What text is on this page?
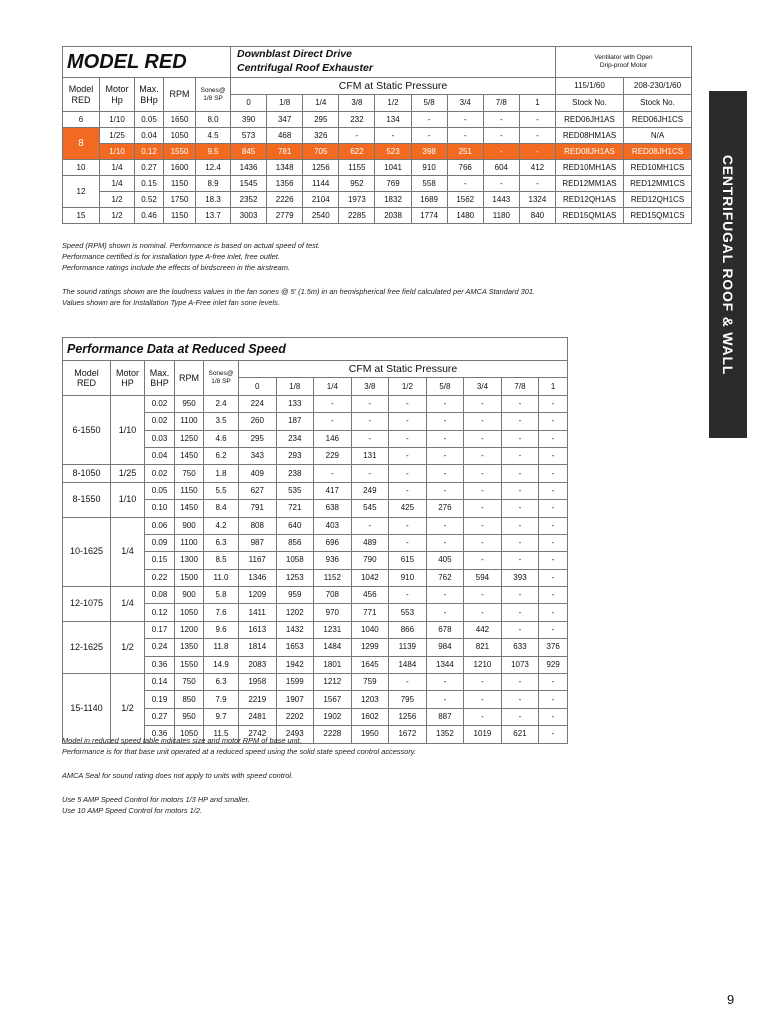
MODEL RED					Downblast Direct Drive
Centrifugal Roof Exhauster									Ventilator with Open
Drip-proof Motor	
Model
RED	Motor
Hp	Max.
BHp	RPM	Sones@
1/8 SP	CFM at Static Pressure									115/1/60	208-230/1/60
					0	1/8	1/4	3/8	1/2	5/8	3/4	7/8	1	Stock No.	Stock No.
6	1/10	0.05	1650	8.0	390	347	295	232	134	-	-	-	-	RED06JH1AS	RED06JH1CS
8	1/25	0.04	1050	4.5	573	468	326	-	-	-	-	-	-	RED08HM1AS	N/A
	1/10	0.12	1550	9.5	845	781	705	622	523	398	251	-	-	RED08JH1AS	RED08JH1CS
10	1/4	0.27	1600	12.4	1436	1348	1256	1155	1041	910	766	604	412	RED10MH1AS	RED10MH1CS
12	1/4	0.15	1150	8.9	1545	1356	1144	952	769	558	-	-	-	RED12MM1AS	RED12MM1CS
	1/2	0.52	1750	18.3	2352	2226	2104	1973	1832	1689	1562	1443	1324	RED12QH1AS	RED12QH1CS
15	1/2	0.46	1150	13.7	3003	2779	2540	2285	2038	1774	1480	1180	840	RED15QM1AS	RED15QM1CS

Speed (RPM) shown is nominal. Performance is based on actual speed of test.

Performance certified is for installation type A-free inlet, free outlet.

Performance ratings include the effects of birdscreen in the airstream.

The sound ratings shown are the loudness values in the fan sones @ 5' (1.5m) in an hemispherical free field calculated per AMCA Standard 301.

Values shown are for Installation Type A-Free inlet fan sone levels.

Performance Data at Reduced Speed													
Model
RED	Motor
HP	Max.
BHP	RPM	Sones@
1/8 SP	CFM at Static Pressure								
					0	1/8	1/4	3/8	1/2	5/8	3/4	7/8	1
6-1550	1/10	0.02	950	2.4	224	133	-	-	-	-	-	-	-
		0.02	1100	3.5	260	187	-	-	-	-	-	-	-
		0.03	1250	4.6	295	234	146	-	-	-	-	-	-
		0.04	1450	6.2	343	293	229	131	-	-	-	-	-
8-1050	1/25	0.02	750	1.8	409	238	-	-	-	-	-	-	-
8-1550	1/10	0.05	1150	5.5	627	535	417	249	-	-	-	-	-
		0.10	1450	8.4	791	721	638	545	425	276	-	-	-
10-1625	1/4	0.06	900	4.2	808	640	403	-	-	-	-	-	-
		0.09	1100	6.3	987	856	696	489	-	-	-	-	-
		0.15	1300	8.5	1167	1058	936	790	615	405	-	-	-
		0.22	1500	11.0	1346	1253	1152	1042	910	762	594	393	-
12-1075	1/4	0.08	900	5.8	1209	959	708	456	-	-	-	-	-
		0.12	1050	7.6	1411	1202	970	771	553	-	-	-	-
12-1625	1/2	0.17	1200	9.6	1613	1432	1231	1040	866	678	442	-	-
		0.24	1350	11.8	1814	1653	1484	1299	1139	984	821	633	376
		0.36	1550	14.9	2083	1942	1801	1645	1484	1344	1210	1073	929
15-1140	1/2	0.14	750	6.3	1958	1599	1212	759	-	-	-	-	-
		0.19	850	7.9	2219	1907	1567	1203	795	-	-	-	-
		0.27	950	9.7	2481	2202	1902	1602	1256	887	-	-	-
		0.36	1050	11.5	2742	2493	2228	1950	1672	1352	1019	621	-

Model in reduced speed table indicates size and motor RPM of base unit.

Performance is for that base unit operated at a reduced speed using the solid state speed control accessory.

AMCA Seal for sound rating does not apply to units with speed control.

Use 5 AMP Speed Control for motors 1/3 HP and smaller.

Use 10 AMP Speed Control for motors 1/2.

CENTRIFUGAL ROOF & WALL EXHAUSTERS
9
